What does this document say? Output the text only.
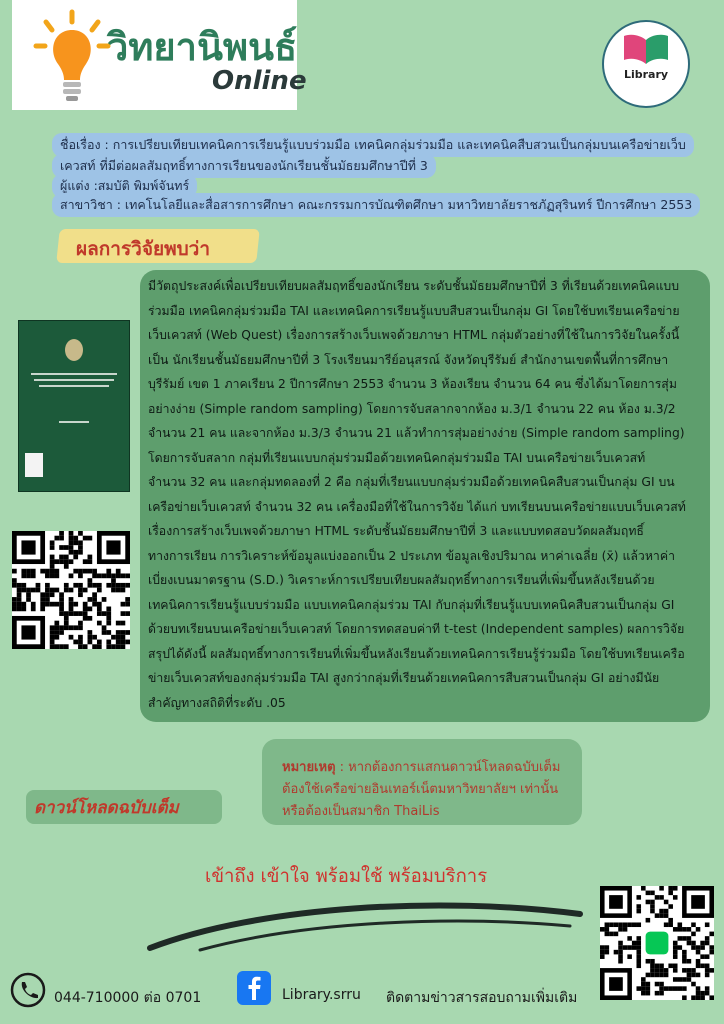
วิทยานิพนธ์
Online	Library
ชื่อเรื่อง : การเปรียบเทียบเทคนิคการเรียนรู้แบบร่วมมือ เทคนิคกลุ่มร่วมมือ และเทคนิคสืบสวนเป็นกลุ่มบนเครือข่ายเว็บ
เควสท์ ที่มีต่อผลสัมฤทธิ์ทางการเรียนของนักเรียนชั้นมัธยมศึกษาปีที่ 3
ผู้แต่ง :สมบัติ พิมพ์จันทร์
สาขาวิชา : เทคโนโลยีและสื่อสารการศึกษา คณะกรรมการบัณฑิตศึกษา มหาวิทยาลัยราชภัฏสุรินทร์ ปีการศึกษา 2553
ผลการวิจัยพบว่า
มีวัตถุประสงค์เพื่อเปรียบเทียบผลสัมฤทธิ์ของนักเรียน ระดับชั้นมัธยมศึกษาปีที่ 3 ที่เรียนด้วยเทคนิคแบบ
ร่วมมือ เทคนิคกลุ่มร่วมมือ TAI และเทคนิคการเรียนรู้แบบสืบสวนเป็นกลุ่ม GI โดยใช้บทเรียนเครือข่าย
เว็บเควสท์ (Web Quest) เรื่องการสร้างเว็บเพจด้วยภาษา HTML กลุ่มตัวอย่างที่ใช้ในการวิจัยในครั้งนี้
เป็น นักเรียนชั้นมัธยมศึกษาปีที่ 3 โรงเรียนมารีย์อนุสรณ์ จังหวัดบุรีรัมย์ สำนักงานเขตพื้นที่การศึกษา
บุรีรัมย์ เขต 1 ภาคเรียน 2 ปีการศึกษา 2553 จำนวน 3 ห้องเรียน จำนวน 64 คน ซึ่งได้มาโดยการสุ่ม
อย่างง่าย (Simple random sampling) โดยการจับสลากจากห้อง ม.3/1 จำนวน 22 คน ห้อง ม.3/2
จำนวน 21 คน และจากห้อง ม.3/3 จำนวน 21 แล้วทำการสุ่มอย่างง่าย (Simple random sampling)
โดยการจับสลาก กลุ่มที่เรียนแบบกลุ่มร่วมมือด้วยเทคนิคกลุ่มร่วมมือ TAI บนเครือข่ายเว็บเควสท์
จำนวน 32 คน และกลุ่มทดลองที่ 2 คือ กลุ่มที่เรียนแบบกลุ่มร่วมมือด้วยเทคนิคสืบสวนเป็นกลุ่ม GI บน
เครือข่ายเว็บเควสท์ จำนวน 32 คน เครื่องมือที่ใช้ในการวิจัย ได้แก่ บทเรียนบนเครือข่ายแบบเว็บเควสท์
เรื่องการสร้างเว็บเพจด้วยภาษา HTML ระดับชั้นมัธยมศึกษาปีที่ 3 และแบบทดสอบวัดผลสัมฤทธิ์
ทางการเรียน การวิเคราะห์ข้อมูลแบ่งออกเป็น 2 ประเภท ข้อมูลเชิงปริมาณ หาค่าเฉลี่ย (x̄) แล้วหาค่า
เบี่ยงเบนมาตรฐาน (S.D.) วิเคราะห์การเปรียบเทียบผลสัมฤทธิ์ทางการเรียนที่เพิ่มขึ้นหลังเรียนด้วย
เทคนิคการเรียนรู้แบบร่วมมือ แบบเทคนิคกลุ่มร่วม TAI กับกลุ่มที่เรียนรู้แบบเทคนิคสืบสวนเป็นกลุ่ม GI
ด้วยบทเรียนบนเครือข่ายเว็บเควสท์ โดยการทดสอบค่าที t-test (Independent samples) ผลการวิจัย
สรุปได้ดังนี้ ผลสัมฤทธิ์ทางการเรียนที่เพิ่มขึ้นหลังเรียนด้วยเทคนิคการเรียนรู้ร่วมมือ โดยใช้บทเรียนเครือ
ข่ายเว็บเควสท์ของกลุ่มร่วมมือ TAI สูงกว่ากลุ่มที่เรียนด้วยเทคนิคการสืบสวนเป็นกลุ่ม GI อย่างมีนัย
สำคัญทางสถิติที่ระดับ .05
หมายเหตุ : หากต้องการแสกนดาวน์โหลดฉบับเต็มต้องใช้เครือข่ายอินเทอร์เน็ตมหาวิทยาลัยฯ เท่านั้น หรือต้องเป็นสมาชิก ThaiLis
ดาวน์โหลดฉบับเต็ม
เข้าถึง เข้าใจ พร้อมใช้ พร้อมบริการ
044-710000 ต่อ 0701	Library.srru ติดตามข่าวสารสอบถามเพิ่มเติม
